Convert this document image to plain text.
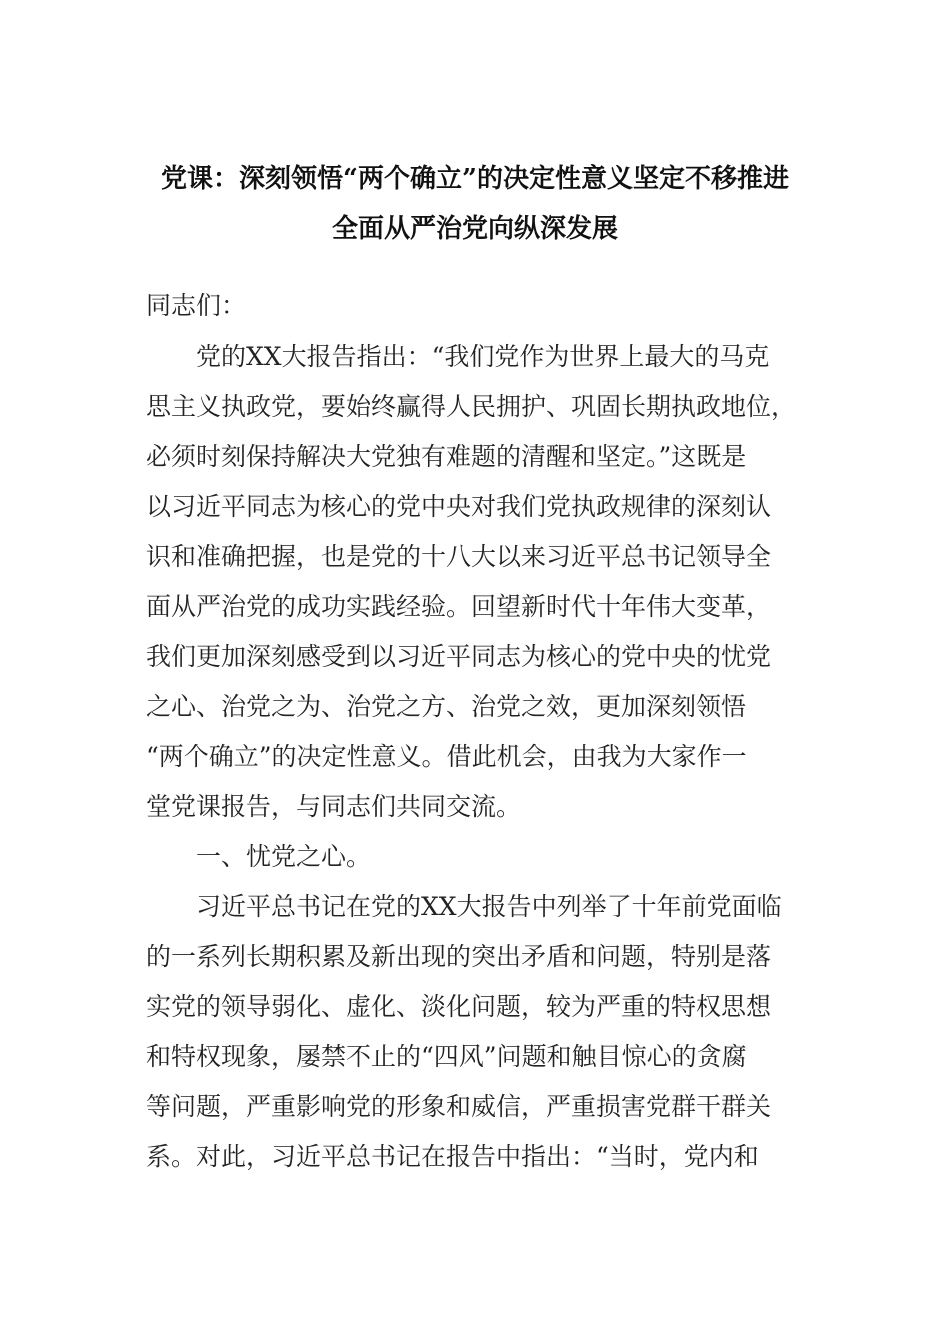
党课：深刻领悟“两个确立”的决定性意义坚定不移推进
全面从严治党向纵深发展
同志们：
党的XX大报告指出：“我们党作为世界上最大的马克
思主义执政党，要始终赢得人民拥护、巩固长期执政地位，
必须时刻保持解决大党独有难题的清醒和坚定。”这既是
以习近平同志为核心的党中央对我们党执政规律的深刻认
识和准确把握，也是党的十八大以来习近平总书记领导全
面从严治党的成功实践经验。回望新时代十年伟大变革，
我们更加深刻感受到以习近平同志为核心的党中央的忧党
之心、治党之为、治党之方、治党之效，更加深刻领悟
“两个确立”的决定性意义。借此机会，由我为大家作一
堂党课报告，与同志们共同交流。
一、忧党之心。
习近平总书记在党的XX大报告中列举了十年前党面临
的一系列长期积累及新出现的突出矛盾和问题，特别是落
实党的领导弱化、虚化、淡化问题，较为严重的特权思想
和特权现象，屡禁不止的“四风”问题和触目惊心的贪腐
等问题，严重影响党的形象和威信，严重损害党群干群关
系。对此，习近平总书记在报告中指出：“当时，党内和
